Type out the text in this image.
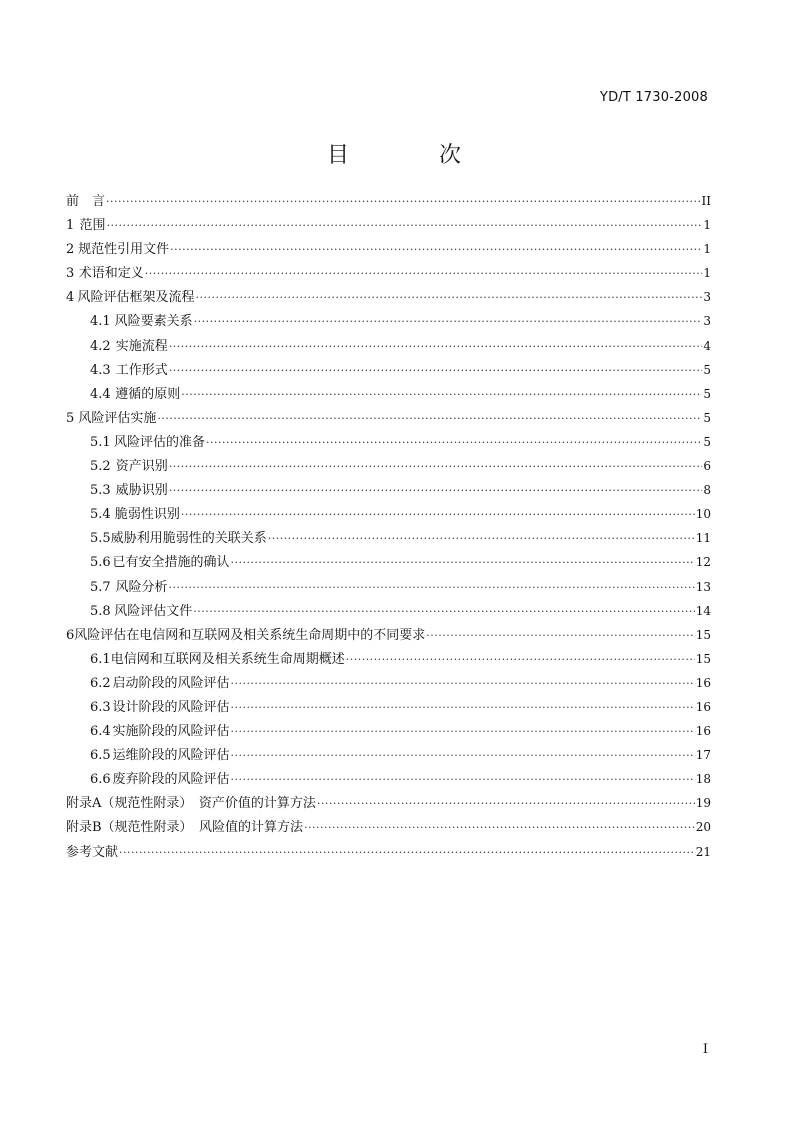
YD/T 1730-2008
目　次
前　言 ·····	II
1 范围 ·····	1
2 规范性引用文件 ·····	1
3 术语和定义 ·····	1
4 风险评估框架及流程 ·····	3
4.1 风险要素关系 ·····	3
4.2 实施流程 ·····	4
4.3 工作形式 ·····	5
4.4 遵循的原则 ·····	5
5 风险评估实施 ·····	5
5.1 风险评估的准备 ·····	5
5.2 资产识别 ·····	6
5.3 威胁识别 ·····	8
5.4 脆弱性识别 ·····	10
5.5 威胁利用脆弱性的关联关系 ·····	11
5.6 已有安全措施的确认 ·····	12
5.7 风险分析 ·····	13
5.8 风险评估文件 ·····	14
6 风险评估在电信网和互联网及相关系统生命周期中的不同要求 ·····	15
6.1 电信网和互联网及相关系统生命周期概述 ·····	15
6.2 启动阶段的风险评估 ·····	16
6.3 设计阶段的风险评估 ·····	16
6.4 实施阶段的风险评估 ·····	16
6.5 运维阶段的风险评估 ·····	17
6.6 废弃阶段的风险评估 ·····	18
附录A（规范性附录）　资产价值的计算方法 ·····	19
附录B（规范性附录）　风险值的计算方法 ·····	20
参考文献 ·····	21
I
